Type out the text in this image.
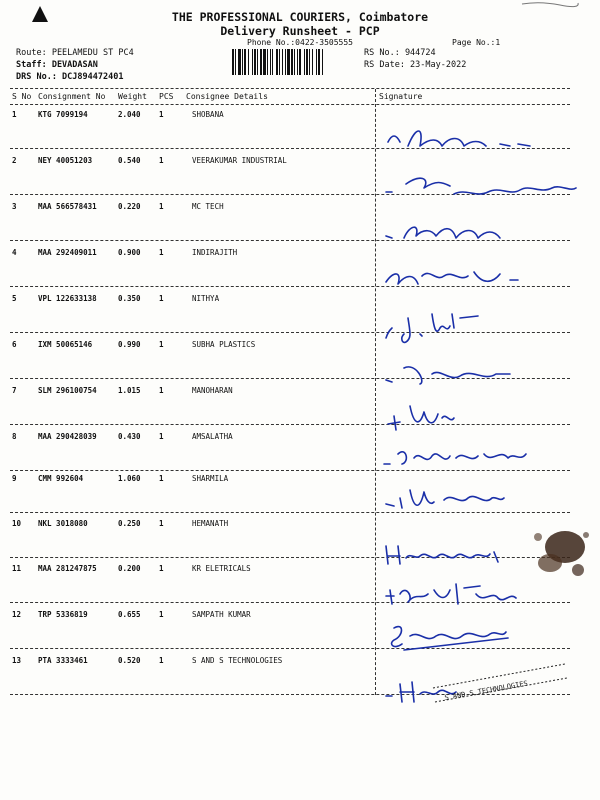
THE PROFESSIONAL COURIERS, Coimbatore
Delivery Runsheet - PCP
Phone No.:0422-3505555	Page No.:1
Route: PEELAMEDU ST PC4
Staff: DEVADASAN
DRS No.: DCJ894472401
RS No.: 944724
RS Date: 23-May-2022
S No Consignment No Weight PCS Consignee Details	Signature
1	KTG 7099194	2.040 1	SHOBANA
2	NEY 40051203	0.540 1	VEERAKUMAR INDUSTRIAL
3	MAA 566578431	0.220 1	MC TECH
4	MAA 292409011	0.900 1	INDIRAJITH
5	VPL 122633138	0.350 1	NITHYA
6	IXM 50065146	0.990 1	SUBHA PLASTICS
7	SLM 296100754	1.015 1	MANOHARAN
8	MAA 290428039	0.430 1	AMSALATHA
9	CMM 992604	1.060 1	SHARMILA
10 NKL 3018080	0.250 1	HEMANATH
11 MAA 281247875	0.200 1	KR ELETRICALS
12 TRP 5336819	0.655 1	SAMPATH KUMAR
13 PTA 3333461	0.520 1	S AND S TECHNOLOGIES
S AND S TECHNOLOGIES
